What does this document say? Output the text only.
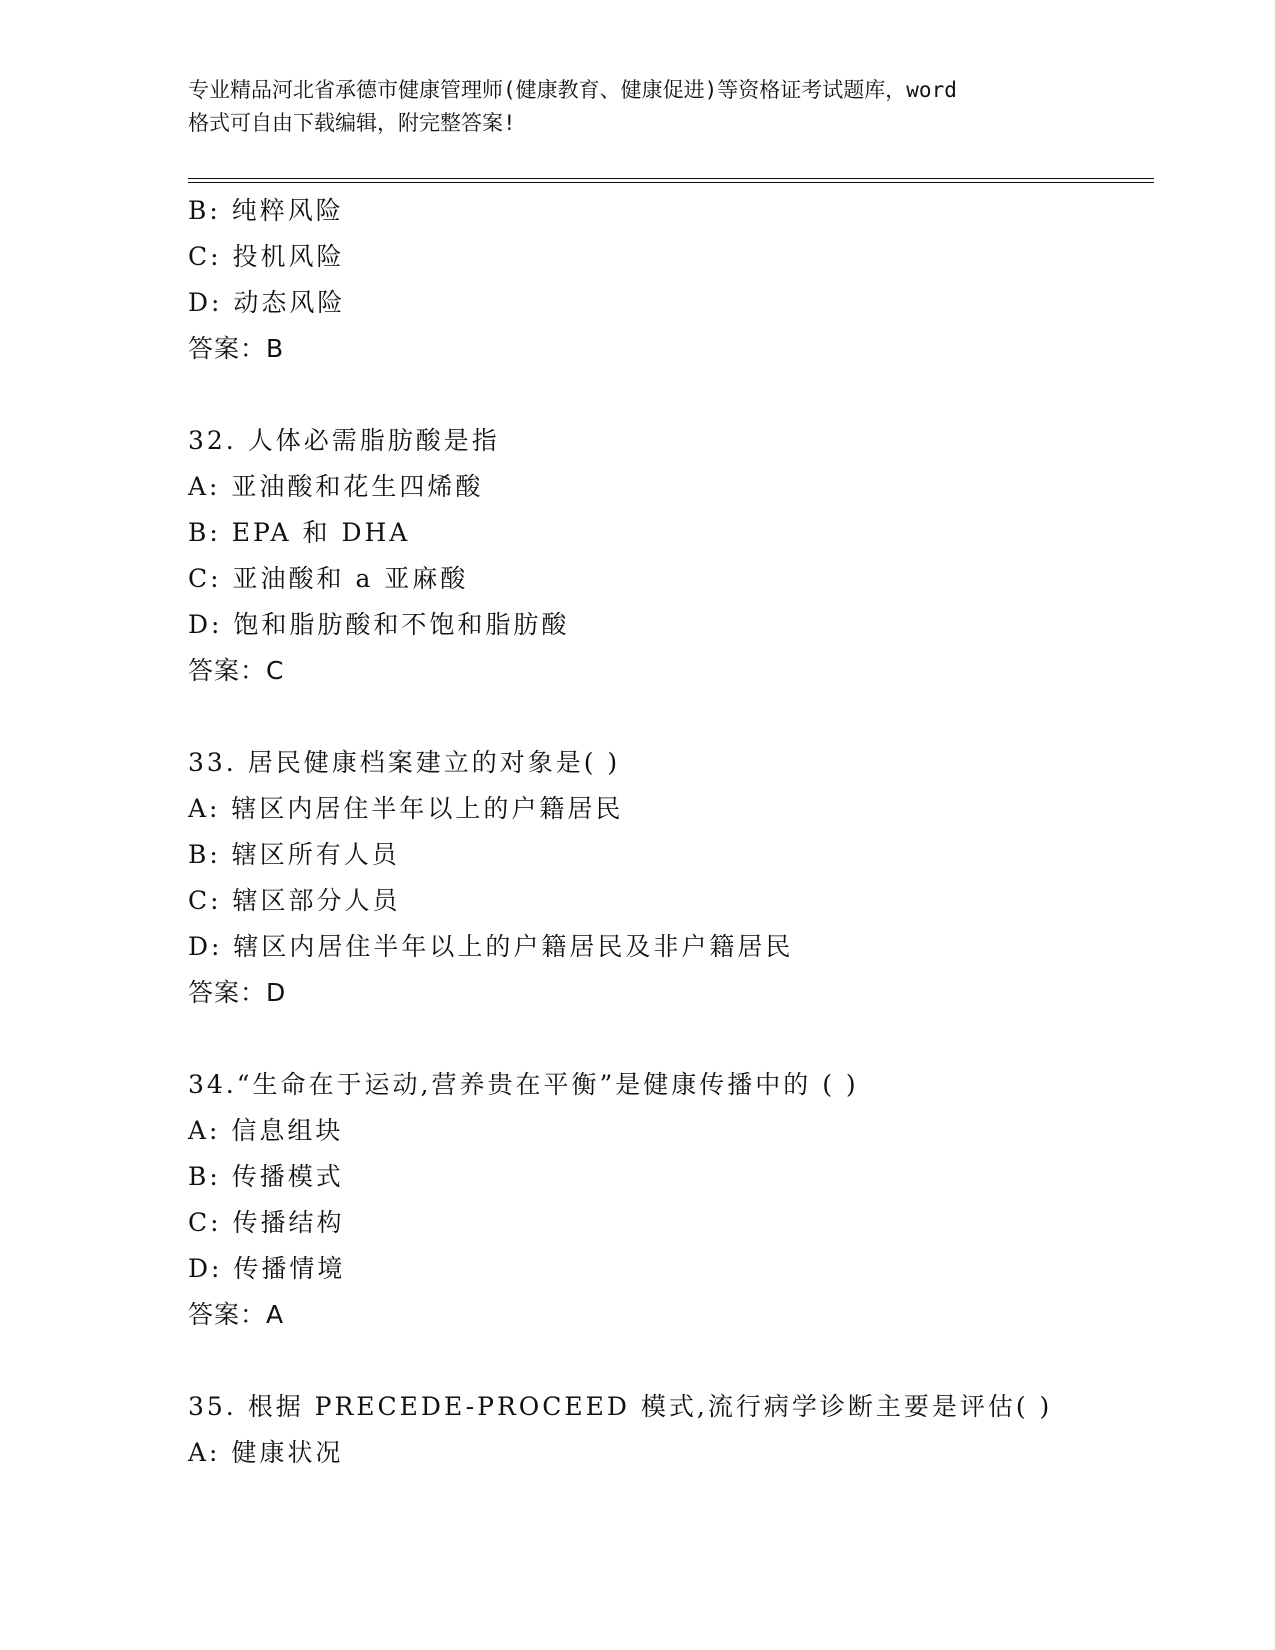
专业精品河北省承德市健康管理师(健康教育、健康促进)等资格证考试题库，word
格式可自由下载编辑，附完整答案!
B: 纯粹风险
C: 投机风险
D: 动态风险
答案：B
32. 人体必需脂肪酸是指
A: 亚油酸和花生四烯酸
B: EPA 和 DHA
C: 亚油酸和 a 亚麻酸
D: 饱和脂肪酸和不饱和脂肪酸
答案：C
33. 居民健康档案建立的对象是( )
A: 辖区内居住半年以上的户籍居民
B: 辖区所有人员
C: 辖区部分人员
D: 辖区内居住半年以上的户籍居民及非户籍居民
答案：D
34.“生命在于运动,营养贵在平衡”是健康传播中的 ( )
A: 信息组块
B: 传播模式
C: 传播结构
D: 传播情境
答案：A
35. 根据 PRECEDE-PROCEED 模式,流行病学诊断主要是评估( )
A: 健康状况
